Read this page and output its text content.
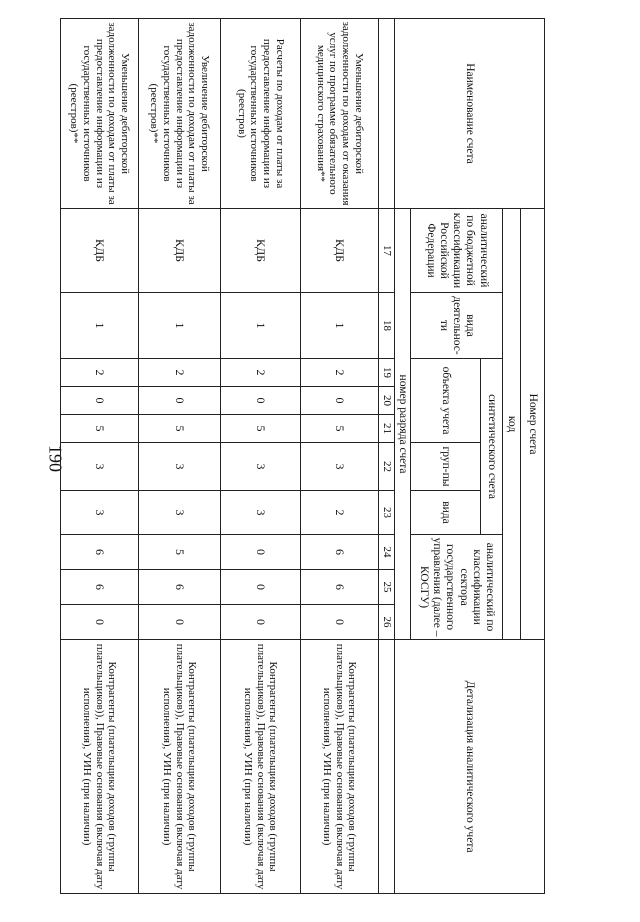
190
Наименование счета	Номер счета										Детализация аналитического учета
	код										
	аналитический по бюджетной классификации Российской Федерации	вида деятельнос-ти	синтетического счета					аналитический по классификации сектора государственного управления (далее – КОСГУ)			
			объекта учета			груп-пы	вида				
	номер разряда счета										
	17	18	19	20	21	22	23	24	25	26	
Уменьшение дебиторской задолженности по доходам от оказания услуг по программе обязательного медицинского страхования**	КДБ	1	2	0	5	3	2	6	6	0	Контрагенты (плательщики доходов (группы плательщиков)), Правовые основания (включая дату исполнения), УИН (при наличии)
Расчеты по доходам от платы за предоставление информации из государственных источников (реестров)	КДБ	1	2	0	5	3	3	0	0	0	Контрагенты (плательщики доходов (группы плательщиков)), Правовые основания (включая дату исполнения), УИН (при наличии)
Увеличение дебиторской задолженности по доходам от платы за предоставление информации из государственных источников (реестров)**	КДБ	1	2	0	5	3	3	5	6	0	Контрагенты (плательщики доходов (группы плательщиков)), Правовые основания (включая дату исполнения), УИН (при наличии)
Уменьшение дебиторской задолженности по доходам от платы за предоставление информации из государственных источников (реестров)**	КДБ	1	2	0	5	3	3	6	6	0	Контрагенты (плательщики доходов (группы плательщиков)), Правовые основания (включая дату исполнения), УИН (при наличии)
